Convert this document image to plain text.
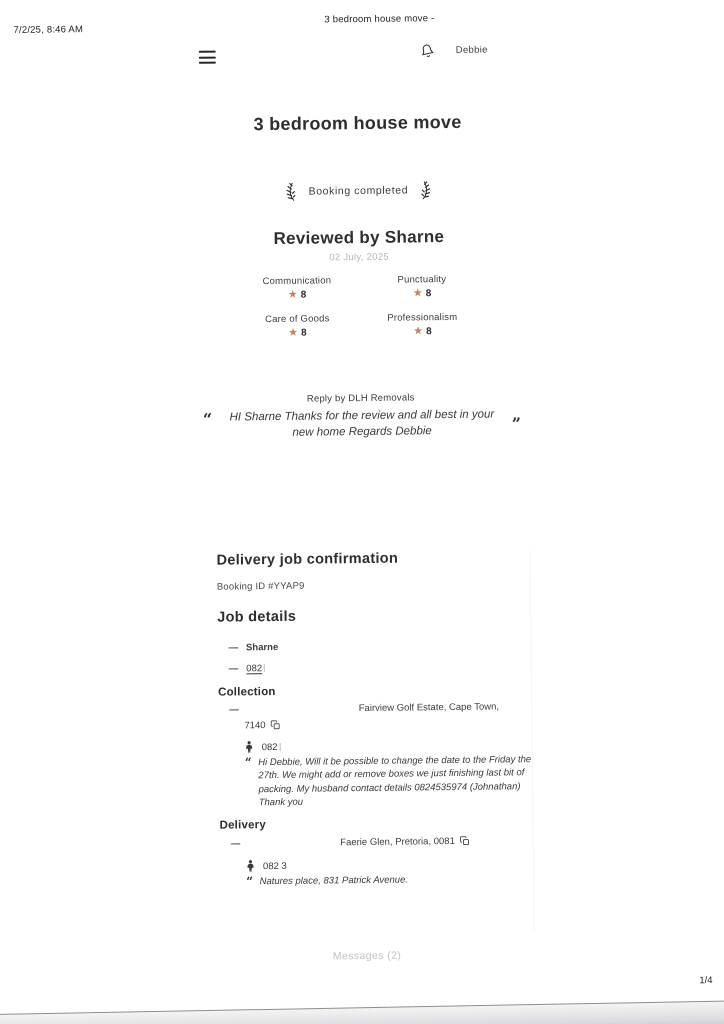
7/2/25, 8:46 AM
3 bedroom house move -
Debbie
3 bedroom house move
Booking completed
Reviewed by Sharne
02 July, 2025
Communication
★ 8
Punctuality
★ 8
Care of Goods
★ 8
Professionalism
★ 8
Reply by DLH Removals
“ HI Sharne Thanks for the review and all best in your new home Regards Debbie	”
Delivery job confirmation
Booking ID #YYAP9
Job details
— Sharne
— 082
Collection
—	Fairview Golf Estate, Cape Town,
7140
082
“ Hi Debbie, Will it be possible to change the date to the Friday the 27th. We might add or remove boxes we just finishing last bit of packing. My husband contact details 0824535974 (Johnathan) Thank you
Delivery
—	Faerie Glen, Pretoria, 0081
082 3
“ Natures place, 831 Patrick Avenue.
Messages (2)
1/4
